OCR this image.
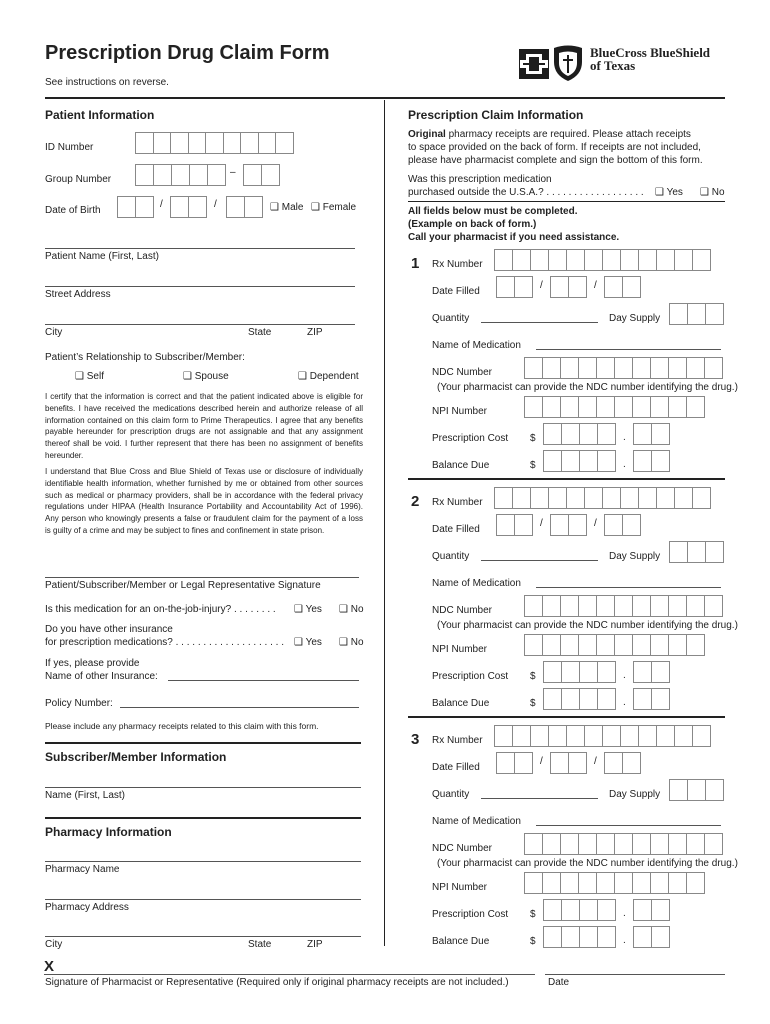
Prescription Drug Claim Form
See instructions on reverse.
BlueCross BlueShield
of Texas
Patient Information
ID Number
Group Number
–
Date of Birth
/	/	❑ Male ❑ Female
Patient Name (First, Last)
Street Address
City	State	ZIP
Patient’s Relationship to Subscriber/Member:
❑ Self	❑ Spouse	❑ Dependent
I certify that the information is correct and that the patient indicated above is eligible for benefits. I have received the medications described herein and authorize release of all information contained on this claim form to Prime Therapeutics. I agree that any benefits payable hereunder for prescription drugs are not assignable and that any assignment thereof shall be void. I further represent that there has been no assignment of benefits hereunder.
I understand that Blue Cross and Blue Shield of Texas use or disclosure of individually identifiable health information, whether furnished by me or obtained from other sources such as medical or pharmacy providers, shall be in accordance with the federal privacy regulations under HIPAA (Health Insurance Portability and Accountability Act of 1996). Any person who knowingly presents a false or fraudulent claim for the payment of a loss is guilty of a crime and may be subject to fines and confinement in state prison.
Patient/Subscriber/Member or Legal Representative Signature
Is this medication for an on-the-job-injury? . . . . . . . . ❑ Yes ❑ No
Do you have other insurance
for prescription medications? . . . . . . . . . . . . . . . . . . . . ❑ Yes ❑ No
If yes, please provide
Name of other Insurance:
Policy Number:
Please include any pharmacy receipts related to this claim with this form.
Subscriber/Member Information
Name (First, Last)
Pharmacy Information
Pharmacy Name
Pharmacy Address
City	State	ZIP
Prescription Claim Information
Original pharmacy receipts are required. Please attach receipts
to space provided on the back of form. If receipts are not included,
please have pharmacist complete and sign the bottom of this form.
Was this prescription medication
purchased outside the U.S.A.? . . . . . . . . . . . . . . . . . . ❑ Yes ❑ No
All fields below must be completed.
(Example on back of form.)
Call your pharmacist if you need assistance.
1 Rx Number
Date Filled
/	/
Quantity	Day Supply
Name of Medication
NDC Number
(Your pharmacist can provide the NDC number identifying the drug.)
NPI Number
Prescription Cost $	.
Balance Due	$	.
2 Rx Number
Date Filled
/	/
Quantity	Day Supply
Name of Medication
NDC Number
(Your pharmacist can provide the NDC number identifying the drug.)
NPI Number
Prescription Cost $	.
Balance Due	$	.
3 Rx Number
Date Filled
/	/
Quantity	Day Supply
Name of Medication
NDC Number
(Your pharmacist can provide the NDC number identifying the drug.)
NPI Number
Prescription Cost $	.
Balance Due	$	.
X
Signature of Pharmacist or Representative (Required only if original pharmacy receipts are not included.)	Date
